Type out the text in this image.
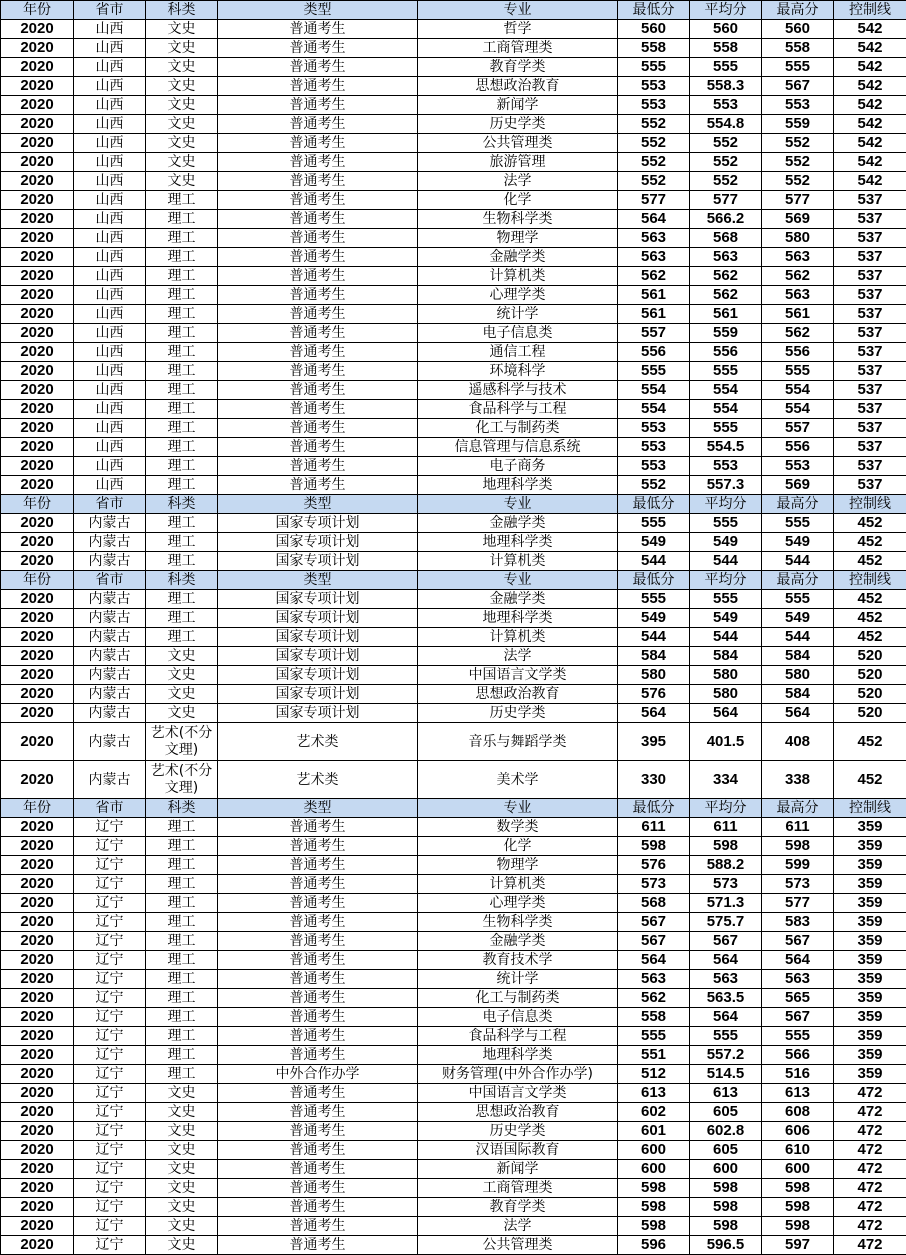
年份	省市	科类	类型	专业	最低分	平均分	最高分	控制线
2020	山西	文史	普通考生	哲学	560	560	560	542
2020	山西	文史	普通考生	工商管理类	558	558	558	542
2020	山西	文史	普通考生	教育学类	555	555	555	542
2020	山西	文史	普通考生	思想政治教育	553	558.3	567	542
2020	山西	文史	普通考生	新闻学	553	553	553	542
2020	山西	文史	普通考生	历史学类	552	554.8	559	542
2020	山西	文史	普通考生	公共管理类	552	552	552	542
2020	山西	文史	普通考生	旅游管理	552	552	552	542
2020	山西	文史	普通考生	法学	552	552	552	542
2020	山西	理工	普通考生	化学	577	577	577	537
2020	山西	理工	普通考生	生物科学类	564	566.2	569	537
2020	山西	理工	普通考生	物理学	563	568	580	537
2020	山西	理工	普通考生	金融学类	563	563	563	537
2020	山西	理工	普通考生	计算机类	562	562	562	537
2020	山西	理工	普通考生	心理学类	561	562	563	537
2020	山西	理工	普通考生	统计学	561	561	561	537
2020	山西	理工	普通考生	电子信息类	557	559	562	537
2020	山西	理工	普通考生	通信工程	556	556	556	537
2020	山西	理工	普通考生	环境科学	555	555	555	537
2020	山西	理工	普通考生	遥感科学与技术	554	554	554	537
2020	山西	理工	普通考生	食品科学与工程	554	554	554	537
2020	山西	理工	普通考生	化工与制药类	553	555	557	537
2020	山西	理工	普通考生	信息管理与信息系统	553	554.5	556	537
2020	山西	理工	普通考生	电子商务	553	553	553	537
2020	山西	理工	普通考生	地理科学类	552	557.3	569	537
年份	省市	科类	类型	专业	最低分	平均分	最高分	控制线
2020	内蒙古	理工	国家专项计划	金融学类	555	555	555	452
2020	内蒙古	理工	国家专项计划	地理科学类	549	549	549	452
2020	内蒙古	理工	国家专项计划	计算机类	544	544	544	452
年份	省市	科类	类型	专业	最低分	平均分	最高分	控制线
2020	内蒙古	理工	国家专项计划	金融学类	555	555	555	452
2020	内蒙古	理工	国家专项计划	地理科学类	549	549	549	452
2020	内蒙古	理工	国家专项计划	计算机类	544	544	544	452
2020	内蒙古	文史	国家专项计划	法学	584	584	584	520
2020	内蒙古	文史	国家专项计划	中国语言文学类	580	580	580	520
2020	内蒙古	文史	国家专项计划	思想政治教育	576	580	584	520
2020	内蒙古	文史	国家专项计划	历史学类	564	564	564	520
2020	内蒙古	艺术(不分文理)	艺术类	音乐与舞蹈学类	395	401.5	408	452
2020	内蒙古	艺术(不分文理)	艺术类	美术学	330	334	338	452
年份	省市	科类	类型	专业	最低分	平均分	最高分	控制线
2020	辽宁	理工	普通考生	数学类	611	611	611	359
2020	辽宁	理工	普通考生	化学	598	598	598	359
2020	辽宁	理工	普通考生	物理学	576	588.2	599	359
2020	辽宁	理工	普通考生	计算机类	573	573	573	359
2020	辽宁	理工	普通考生	心理学类	568	571.3	577	359
2020	辽宁	理工	普通考生	生物科学类	567	575.7	583	359
2020	辽宁	理工	普通考生	金融学类	567	567	567	359
2020	辽宁	理工	普通考生	教育技术学	564	564	564	359
2020	辽宁	理工	普通考生	统计学	563	563	563	359
2020	辽宁	理工	普通考生	化工与制药类	562	563.5	565	359
2020	辽宁	理工	普通考生	电子信息类	558	564	567	359
2020	辽宁	理工	普通考生	食品科学与工程	555	555	555	359
2020	辽宁	理工	普通考生	地理科学类	551	557.2	566	359
2020	辽宁	理工	中外合作办学	财务管理(中外合作办学)	512	514.5	516	359
2020	辽宁	文史	普通考生	中国语言文学类	613	613	613	472
2020	辽宁	文史	普通考生	思想政治教育	602	605	608	472
2020	辽宁	文史	普通考生	历史学类	601	602.8	606	472
2020	辽宁	文史	普通考生	汉语国际教育	600	605	610	472
2020	辽宁	文史	普通考生	新闻学	600	600	600	472
2020	辽宁	文史	普通考生	工商管理类	598	598	598	472
2020	辽宁	文史	普通考生	教育学类	598	598	598	472
2020	辽宁	文史	普通考生	法学	598	598	598	472
2020	辽宁	文史	普通考生	公共管理类	596	596.5	597	472
